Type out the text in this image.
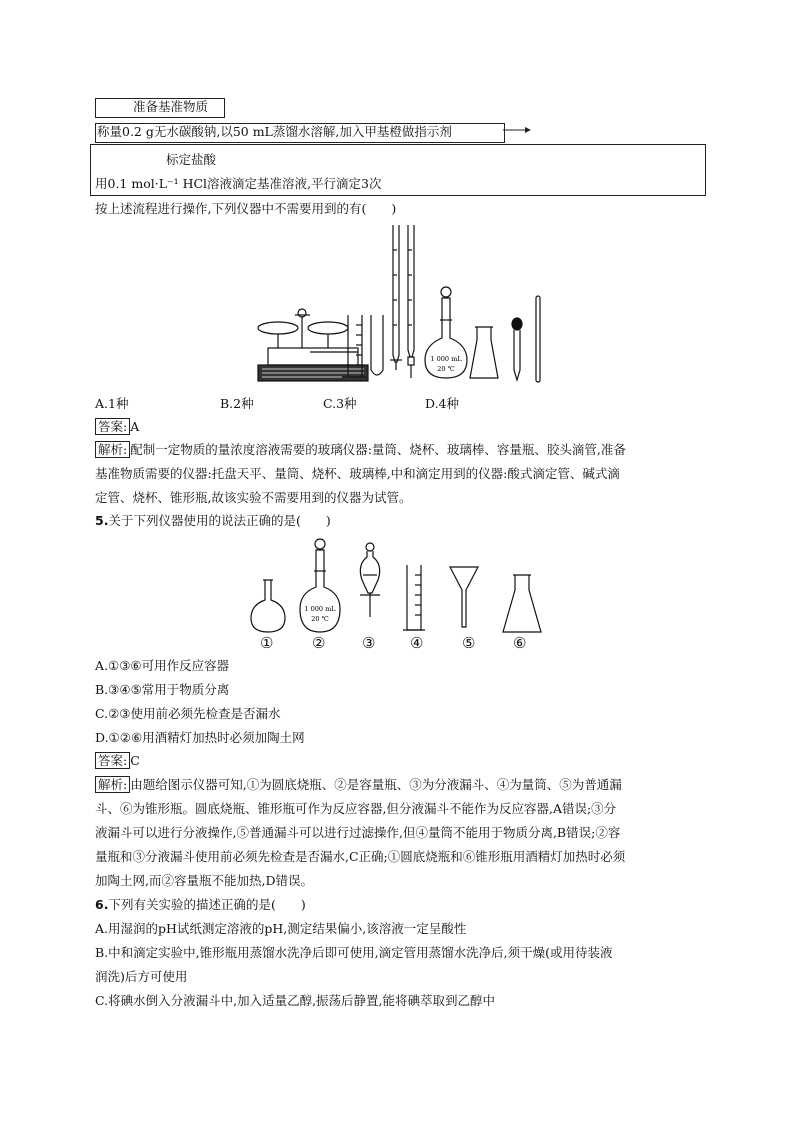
准备基准物质
称量0.2 g无水碳酸钠,以50 mL蒸馏水溶解,加入甲基橙做指示剂
标定盐酸
用0.1 mol·L⁻¹ HCl溶液滴定基准溶液,平行滴定3次
按上述流程进行操作,下列仪器中不需要用到的有(　　)
1 000 mL
20 ℃
A.1种	B.2种	C.3种	D.4种
答案: A
解析: 配制一定物质的量浓度溶液需要的玻璃仪器:量筒、烧杯、玻璃棒、容量瓶、胶头滴管,准备
基准物质需要的仪器:托盘天平、量筒、烧杯、玻璃棒,中和滴定用到的仪器:酸式滴定管、碱式滴
定管、烧杯、锥形瓶,故该实验不需要用到的仪器为试管。
5.关于下列仪器使用的说法正确的是(　　)
1 000 mL
20 ℃
①	② ③ ④	⑤	⑥
A.①③⑥可用作反应容器
B.③④⑤常用于物质分离
C.②③使用前必须先检查是否漏水
D.①②⑥用酒精灯加热时必须加陶土网
答案: C
解析: 由题给图示仪器可知,①为圆底烧瓶、②是容量瓶、③为分液漏斗、④为量筒、⑤为普通漏
斗、⑥为锥形瓶。圆底烧瓶、锥形瓶可作为反应容器,但分液漏斗不能作为反应容器,A错误;③分
液漏斗可以进行分液操作,⑤普通漏斗可以进行过滤操作,但④量筒不能用于物质分离,B错误;②容
量瓶和③分液漏斗使用前必须先检查是否漏水,C正确;①圆底烧瓶和⑥锥形瓶用酒精灯加热时必须
加陶土网,而②容量瓶不能加热,D错误。
6.下列有关实验的描述正确的是(　　)
A.用湿润的pH试纸测定溶液的pH,测定结果偏小,该溶液一定呈酸性
B.中和滴定实验中,锥形瓶用蒸馏水洗净后即可使用,滴定管用蒸馏水洗净后,须干燥(或用待装液
润洗)后方可使用
C.将碘水倒入分液漏斗中,加入适量乙醇,振荡后静置,能将碘萃取到乙醇中
